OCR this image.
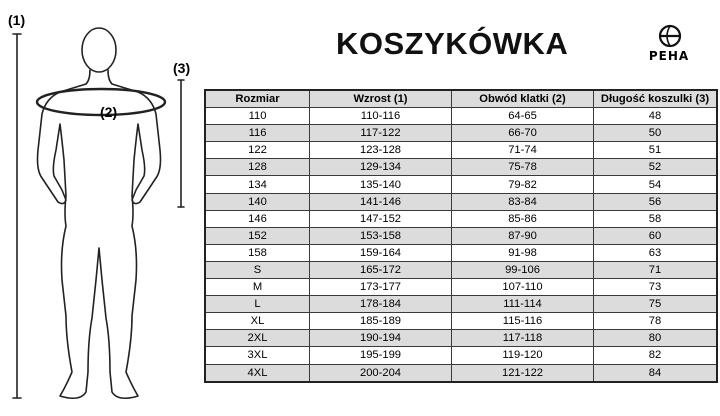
(1)
(2)
(3)
KOSZYKÓWKA	PEHA
Rozmiar	Wzrost (1)	Obwód klatki (2)	Długość koszulki (3)
110	110-116	64-65	48
116	117-122	66-70	50
122	123-128	71-74	51
128	129-134	75-78	52
134	135-140	79-82	54
140	141-146	83-84	56
146	147-152	85-86	58
152	153-158	87-90	60
158	159-164	91-98	63
S	165-172	99-106	71
M	173-177	107-110	73
L	178-184	111-114	75
XL	185-189	115-116	78
2XL	190-194	117-118	80
3XL	195-199	119-120	82
4XL	200-204	121-122	84
